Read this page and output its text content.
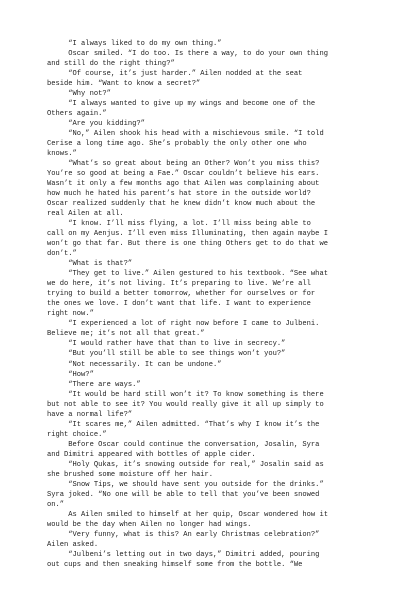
“I always liked to do my own thing.”
Oscar smiled. “I do too. Is there a way, to do your own thing
and still do the right thing?”
“Of course, it’s just harder.” Ailen nodded at the seat
beside him. “Want to know a secret?”
“Why not?”
“I always wanted to give up my wings and become one of the
Others again.”
“Are you kidding?”
“No,” Ailen shook his head with a mischievous smile. “I told
Cerise a long time ago. She’s probably the only other one who
knows.”
“What’s so great about being an Other? Won’t you miss this?
You’re so good at being a Fae.” Oscar couldn’t believe his ears.
Wasn’t it only a few months ago that Ailen was complaining about
how much he hated his parent’s hat store in the outside world?
Oscar realized suddenly that he knew didn’t know much about the
real Ailen at all.
“I know. I’ll miss flying, a lot. I’ll miss being able to
call on my Aenjus. I’ll even miss Illuminating, then again maybe I
won’t go that far. But there is one thing Others get to do that we
don’t.”
“What is that?”
“They get to live.” Ailen gestured to his textbook. “See what
we do here, it’s not living. It’s preparing to live. We’re all
trying to build a better tomorrow, whether for ourselves or for
the ones we love. I don’t want that life. I want to experience
right now.”
“I experienced a lot of right now before I came to Julbeni.
Believe me; it’s not all that great.”
“I would rather have that than to live in secrecy.”
“But you’ll still be able to see things won’t you?”
“Not necessarily. It can be undone.”
“How?”
“There are ways.”
“It would be hard still won’t it? To know something is there
but not able to see it? You would really give it all up simply to
have a normal life?”
“It scares me,” Ailen admitted. “That’s why I know it’s the
right choice.”
Before Oscar could continue the conversation, Josalin, Syra
and Dimitri appeared with bottles of apple cider.
“Holy Qukas, it’s snowing outside for real,” Josalin said as
she brushed some moisture off her hair.
“Snow Tips, we should have sent you outside for the drinks.”
Syra joked. “No one will be able to tell that you’ve been snowed
on.”
As Ailen smiled to himself at her quip, Oscar wondered how it
would be the day when Ailen no longer had wings.
“Very funny, what is this? An early Christmas celebration?”
Ailen asked.
“Julbeni’s letting out in two days,” Dimitri added, pouring
out cups and then sneaking himself some from the bottle. “We
